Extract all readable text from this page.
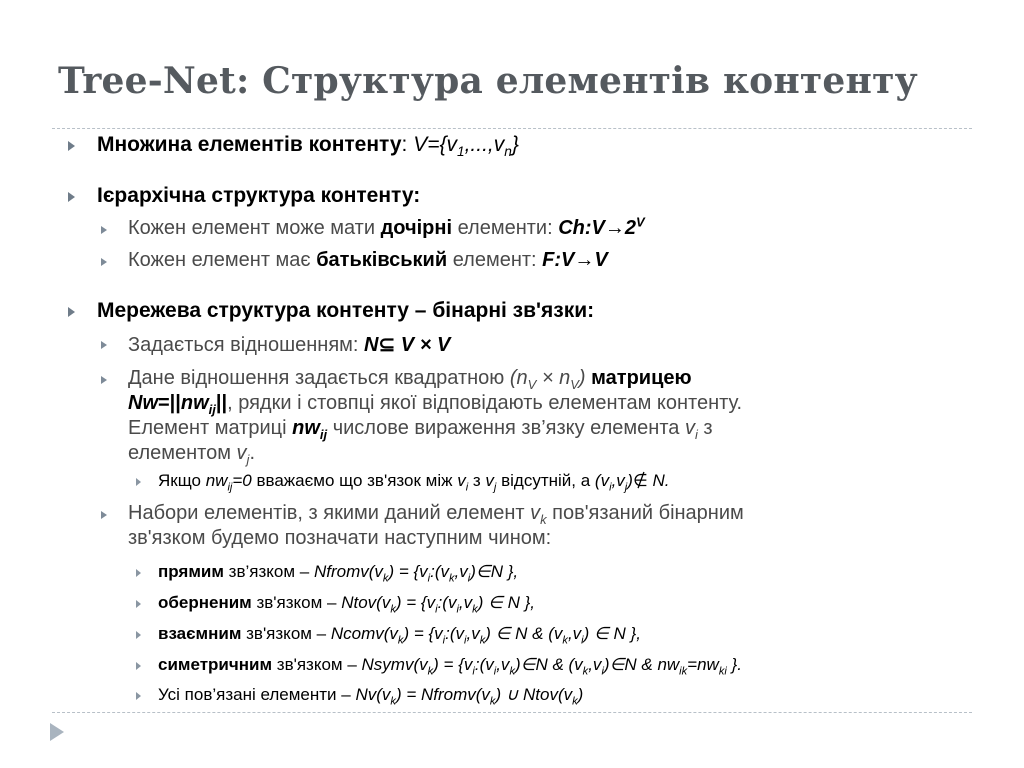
Tree-Net: Структура елементів контенту
Множина елементів контенту: $V=\{v_1,...,v_n\}$
Ієрархічна структура контенту:
Кожен елемент може мати дочірні елементи: $Ch:V\to 2^V$
Кожен елемент має батьківський елемент: F:V→V
Мережева структура контенту – бінарні зв'язки:
Задається відношенням: N⊆ V × V
Дане відношення задається квадратною $(n_V \times n_V)$ матрицею
$Nw=||nw_{ij}||$, рядки і стовпці якої відповідають елементам контенту.
Елемент матриці $nw_{ij}$ числове вираження зв’язку елемента $v_i$ з
елементом $v_j$.
Якщо $nw_{ij}=0$ вважаємо що зв'язок між $v_i$ з $v_j$ відсутній, а $(v_i,v_j)\notin$ N.
Набори елементів, з якими даний елемент $v_k$ пов'язаний бінарним
зв'язком будемо позначати наступним чином:
прямим зв’язком – $Nfromv(v_k)$ = {$v_i:(v_k,v_i)\in N$ },
оберненим зв'язком – $Ntov(v_k)$ = {$v_i:(v_i,v_k)$ ∈ N },
взаємним зв'язком – $Ncomv(v_k)$ = {$v_i:(v_i,v_k)$ ∈ N & $(v_k,v_i)$ ∈ N },
симетричним зв'язком – $Nsymv(v_k)$ = {$v_i:(v_i,v_k)\in N$ & $(v_k,v_i)\in N$ & $nw_{ik}=nw_{ki}$ }.
Усі пов’язані елементи – $Nv(v_k)$ = $Nfromv(v_k)$ ∪ $Ntov(v_k)$
